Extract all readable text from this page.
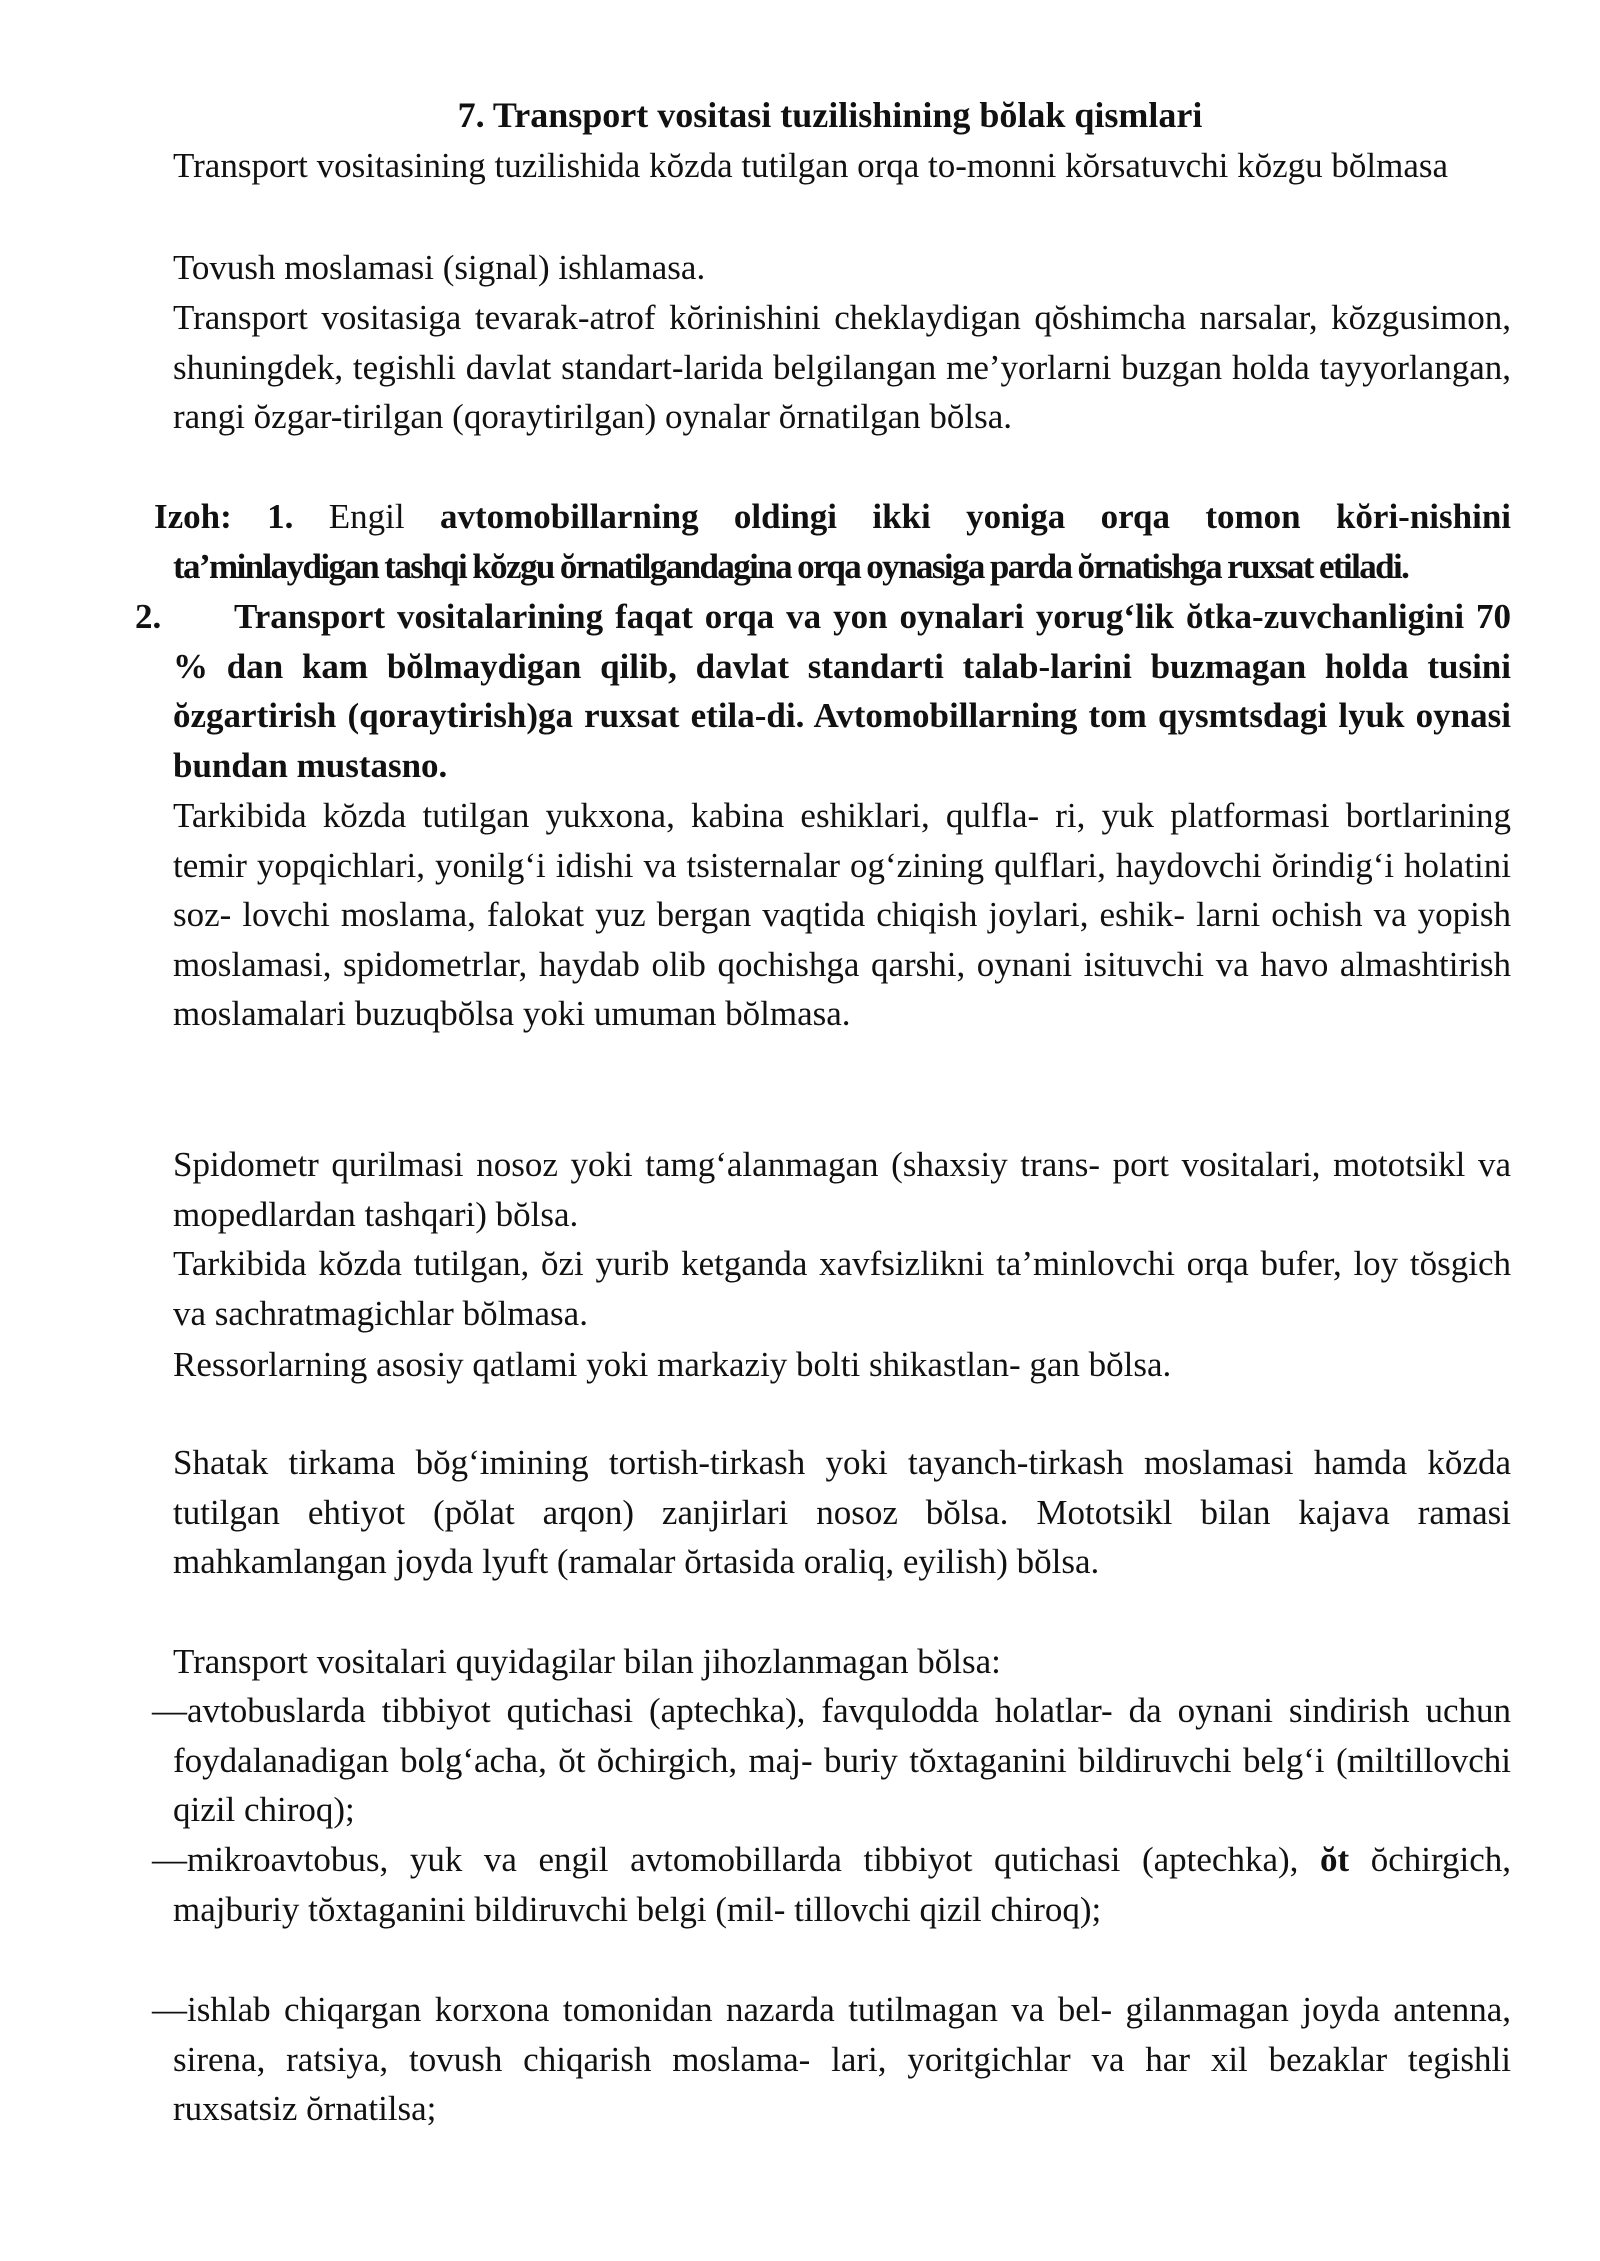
7. Transport vositasi tuzilishining bŏlak qismlari

Transport vositasining tuzilishida kŏzda tutilgan orqa to-monni kŏrsatuvchi kŏzgu bŏlmasa

Tovush moslamasi (signal) ishlamasa.

Transport vositasiga tevarak-atrof kŏrinishini cheklaydigan qŏshimcha narsalar, kŏzgusimon, shuningdek, tegishli davlat standart-larida belgilangan me’yorlarni buzgan holda tayyorlangan, rangi ŏzgar-tirilgan (qoraytirilgan) oynalar ŏrnatilgan bŏlsa.

Izoh: 1. Engil avtomobillarning oldingi ikki yoniga orqa tomon kŏri-nishini
ta’minlaydigan tashqi kŏzgu ŏrnatilgandagina orqa oynasiga parda ŏrnatishga ruxsat etiladi.
2. Transport vositalarining faqat orqa va yon oynalari yorug‘lik ŏtka-zuvchanligini 70 % dan kam bŏlmaydigan qilib, davlat standarti talab-larini buzmagan holda tusini ŏzgartirish (qoraytirish)ga ruxsat etila-di. Avtomobillarning tom qysmtsdagi lyuk oynasi bundan mustasno.

Tarkibida kŏzda tutilgan yukxona, kabina eshiklari, qulfla- ri, yuk platformasi bortlarining temir yopqichlari, yonilg‘i idishi va tsisternalar og‘zining qulflari, haydovchi ŏrindig‘i holatini soz- lovchi moslama, falokat yuz bergan vaqtida chiqish joylari, eshik- larni ochish va yopish moslamasi, spidometrlar, haydab olib qochishga qarshi, oynani isituvchi va havo almashtirish moslamalari buzuqbŏlsa yoki umuman bŏlmasa.

Spidometr qurilmasi nosoz yoki tamg‘alanmagan (shaxsiy trans- port vositalari, mototsikl va mopedlardan tashqari) bŏlsa.

Tarkibida kŏzda tutilgan, ŏzi yurib ketganda xavfsizlikni ta’minlovchi orqa bufer, loy tŏsgich va sachratmagichlar bŏlmasa.

Ressorlarning asosiy qatlami yoki markaziy bolti shikastlan- gan bŏlsa.

Shatak tirkama bŏg‘imining tortish-tirkash yoki tayanch-tirkash moslamasi hamda kŏzda tutilgan ehtiyot (pŏlat arqon) zanjirlari nosoz bŏlsa. Mototsikl bilan kajava ramasi mahkamlangan joyda lyuft (ramalar ŏrtasida oraliq, eyilish) bŏlsa.

Transport vositalari quyidagilar bilan jihozlanmagan bŏlsa:

—avtobuslarda tibbiyot qutichasi (aptechka), favqulodda holatlar- da oynani sindirish uchun foydalanadigan bolg‘acha, ŏt ŏchirgich, maj- buriy tŏxtaganini bildiruvchi belg‘i (miltillovchi qizil chiroq);
—mikroavtobus, yuk va engil avtomobillarda tibbiyot qutichasi (aptechka), ŏt ŏchirgich, majburiy tŏxtaganini bildiruvchi belgi (mil- tillovchi qizil chiroq);
—ishlab chiqargan korxona tomonidan nazarda tutilmagan va bel- gilanmagan joyda antenna, sirena, ratsiya, tovush chiqarish moslama- lari, yoritgichlar va har xil bezaklar tegishli ruxsatsiz ŏrnatilsa;
